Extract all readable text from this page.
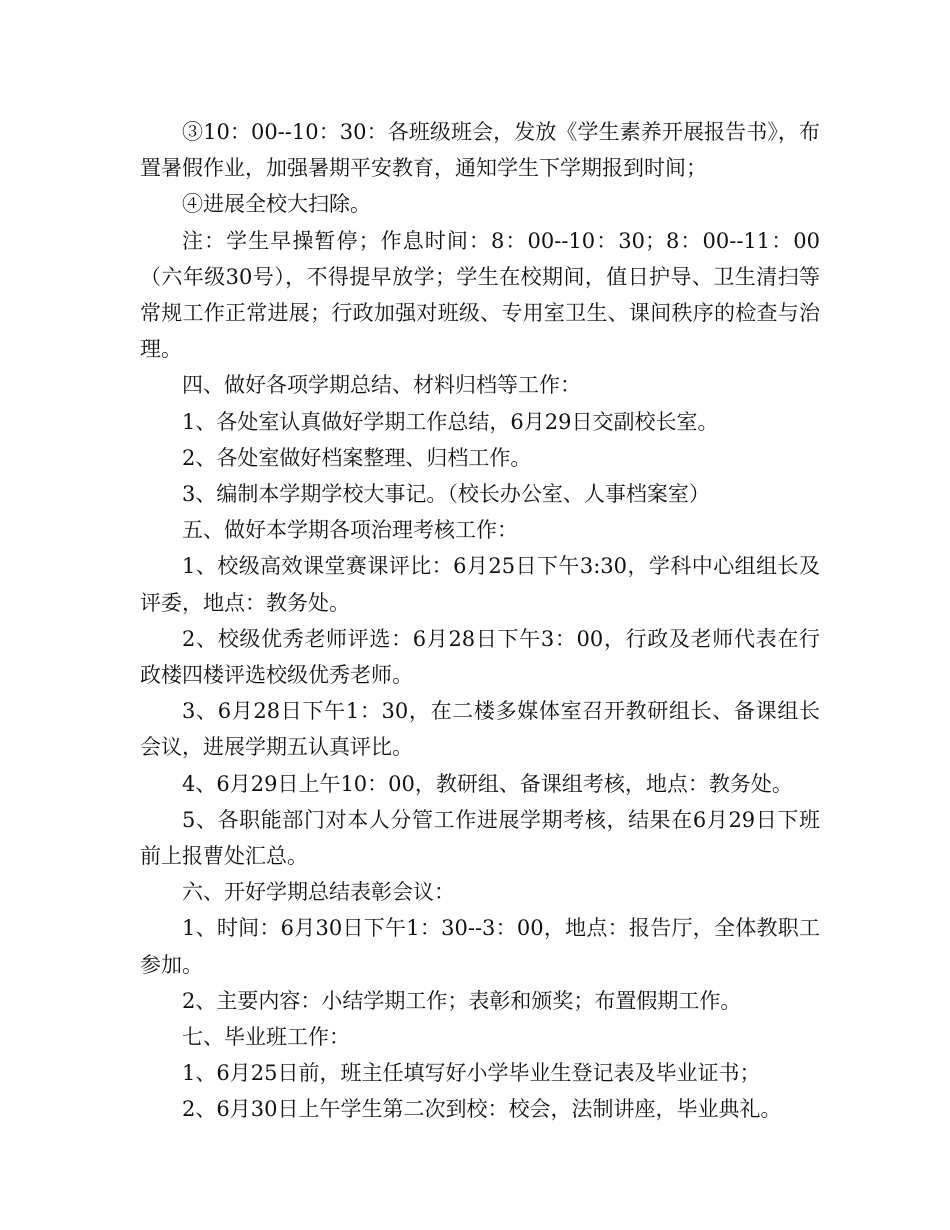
③10：00--10：30：各班级班会，发放《学生素养开展报告书》，布置暑假作业，加强暑期平安教育，通知学生下学期报到时间；

④进展全校大扫除。

注：学生早操暂停；作息时间：8：00--10：30；8：00--11：00（六年级30号），不得提早放学；学生在校期间，值日护导、卫生清扫等常规工作正常进展；行政加强对班级、专用室卫生、课间秩序的检查与治理。

四、做好各项学期总结、材料归档等工作：

1、各处室认真做好学期工作总结，6月29日交副校长室。

2、各处室做好档案整理、归档工作。

3、编制本学期学校大事记。（校长办公室、人事档案室）

五、做好本学期各项治理考核工作：

1、校级高效课堂赛课评比：6月25日下午3:30，学科中心组组长及评委，地点：教务处。

2、校级优秀老师评选：6月28日下午3：00，行政及老师代表在行政楼四楼评选校级优秀老师。

3、6月28日下午1：30，在二楼多媒体室召开教研组长、备课组长会议，进展学期五认真评比。

4、6月29日上午10：00，教研组、备课组考核，地点：教务处。

5、各职能部门对本人分管工作进展学期考核，结果在6月29日下班前上报曹处汇总。

六、开好学期总结表彰会议：

1、时间：6月30日下午1：30--3：00，地点：报告厅，全体教职工参加。

2、主要内容：小结学期工作；表彰和颁奖；布置假期工作。

七、毕业班工作：

1、6月25日前，班主任填写好小学毕业生登记表及毕业证书；

2、6月30日上午学生第二次到校：校会，法制讲座，毕业典礼。
